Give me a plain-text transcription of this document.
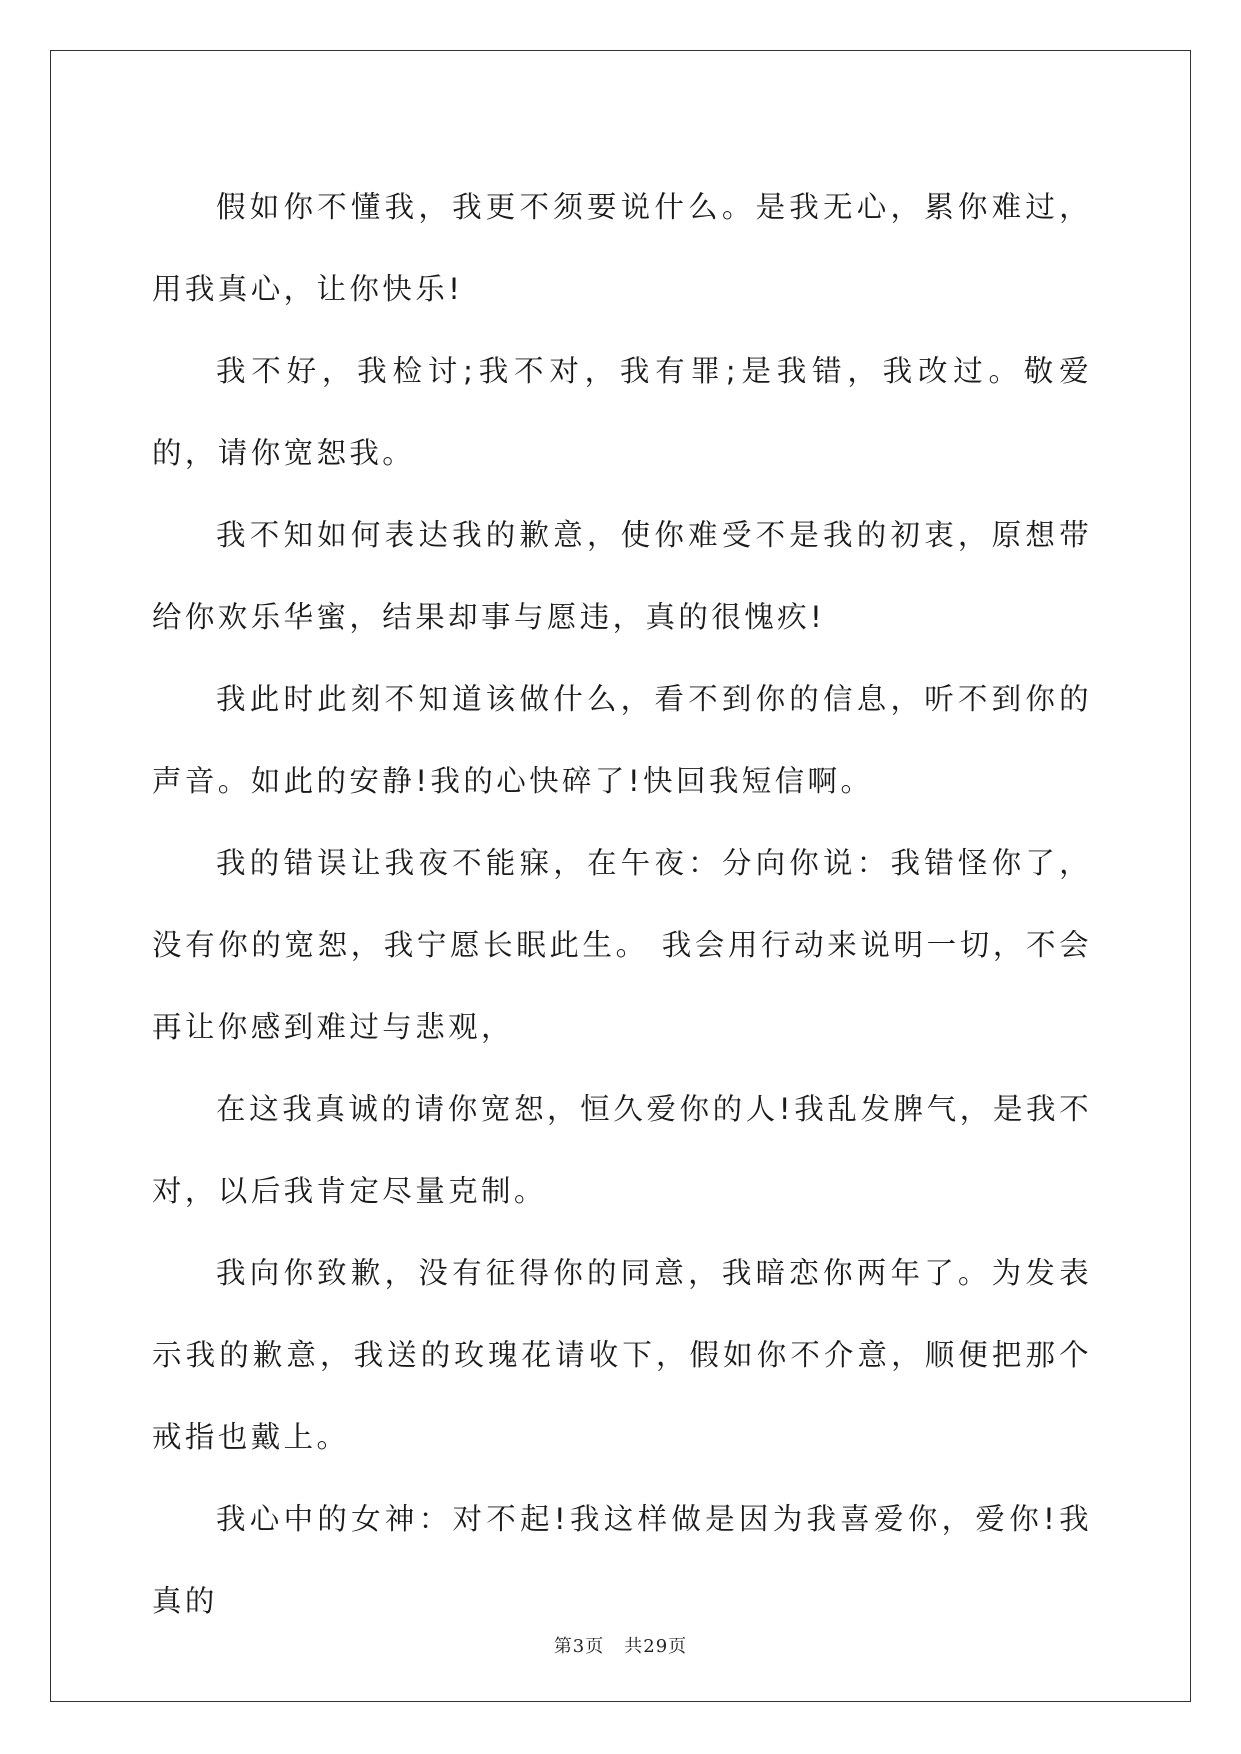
假如你不懂我，我更不须要说什么。是我无心，累你难过，用我真心，让你快乐!

我不好，我检讨;我不对，我有罪;是我错，我改过。敬爱的，请你宽恕我。

我不知如何表达我的歉意，使你难受不是我的初衷，原想带给你欢乐华蜜，结果却事与愿违，真的很愧疚!

我此时此刻不知道该做什么，看不到你的信息，听不到你的声音。如此的安静!我的心快碎了!快回我短信啊。

我的错误让我夜不能寐，在午夜：分向你说：我错怪你了，没有你的宽恕，我宁愿长眠此生。 我会用行动来说明一切，不会再让你感到难过与悲观，

在这我真诚的请你宽恕，恒久爱你的人!我乱发脾气，是我不对，以后我肯定尽量克制。

我向你致歉，没有征得你的同意，我暗恋你两年了。为发表示我的歉意，我送的玫瑰花请收下，假如你不介意，顺便把那个戒指也戴上。

我心中的女神：对不起!我这样做是因为我喜爱你，爱你!我真的

第3页 共29页
